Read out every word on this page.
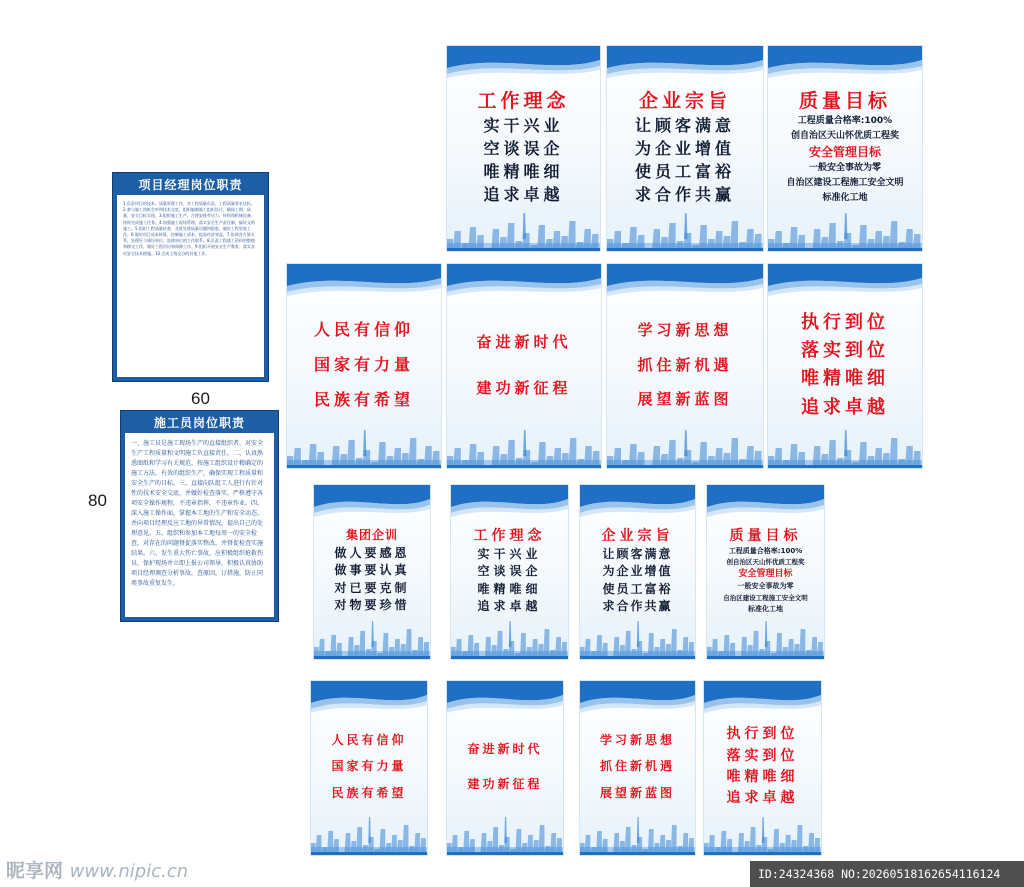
项目经理岗位职责
1.负责项目的技术、质量管理工作，对工程质量负责，工程质量要求达标。2.参与施工图纸会审和技术交底，组织编制施工组织设计，确保工期、质量、安全目标实现。3.组织施工生产，合理安排劳动力、材料和机械设备，按时完成施工任务。4.加强施工现场管理，落实安全生产责任制，搞好文明施工。5.组织工程质量检查，及时处理质量问题和隐患，做好工程验收工作。6.做好项目成本核算，控制施工成本，提高经济效益。7.协调各方面关系，处理好与建设单位、监理单位的工作联系。8.负责工程竣工资料的整理和移交工作，做好工程回访和保修工作。9.组织开展安全生产教育，落实各项安全技术措施。10.完成上级交办的其他工作。
60
施工员岗位职责
一、施工员是施工现场生产的直接组织者，对安全生产工程质量和文明施工负直接责任。二、认真熟悉图纸和学习有关规范，按施工组织设计精确定的施工方法，有效的组织生产，确保实现工程质量和安全生产的目标。三、直接向队组工人进行有针对性的技术安全交底，并做好检查落实，严格遵守各项安全操作规程，不违章指挥，不违章作业。四、深入施工操作面，掌握本工地的生产和安全动态，并向项目经理反应工地的异常情况，提出自己的处理意见。五、组织和参加本工地每周一的安全检查，对存在的问题督促落实整改，并督促检查实施结果。六、发生重大伤亡事故，应积极组织抢救伤员，保护现场并立即上报公司领导，积极认真协助项目经理调查分析事故，查原因，订措施，防止同类事故重复发生。
80
工作理念
实干兴业
空谈误企
唯精唯细
追求卓越
企业宗旨
让顾客满意
为企业增值
使员工富裕
求合作共赢
质量目标
工程质量合格率:100%
创自治区天山怀优质工程奖
安全管理目标
一般安全事故为零
自治区建设工程施工安全文明
标准化工地
人民有信仰
国家有力量
民族有希望
奋进新时代
建功新征程
学习新思想
抓住新机遇
展望新蓝图
执行到位
落实到位
唯精唯细
追求卓越
集团企训
做人要感恩
做事要认真
对已要克制
对物要珍惜
工作理念
实干兴业
空谈误企
唯精唯细
追求卓越
企业宗旨
让顾客满意
为企业增值
使员工富裕
求合作共赢
质量目标
工程质量合格率:100%
创自治区天山怀优质工程奖
安全管理目标
一般安全事故为零
自治区建设工程施工安全文明
标准化工地
人民有信仰
国家有力量
民族有希望
奋进新时代
建功新征程
学习新思想
抓住新机遇
展望新蓝图
执行到位
落实到位
唯精唯细
追求卓越
昵享网 www.nipic.cn	ID:24324368 NO:20260518162654116124
